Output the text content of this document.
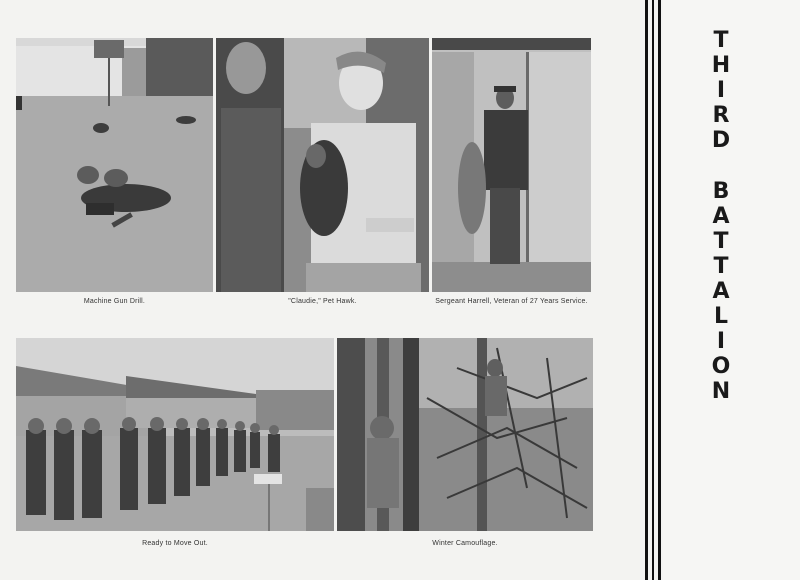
Machine Gun Drill.	"Claudie," Pet Hawk.	Sergeant Harrell, Veteran of 27 Years Service.
Ready to Move Out.	Winter Camouflage.
T
H
I
R
D
B
A
T
T
A
L
I
O
N
